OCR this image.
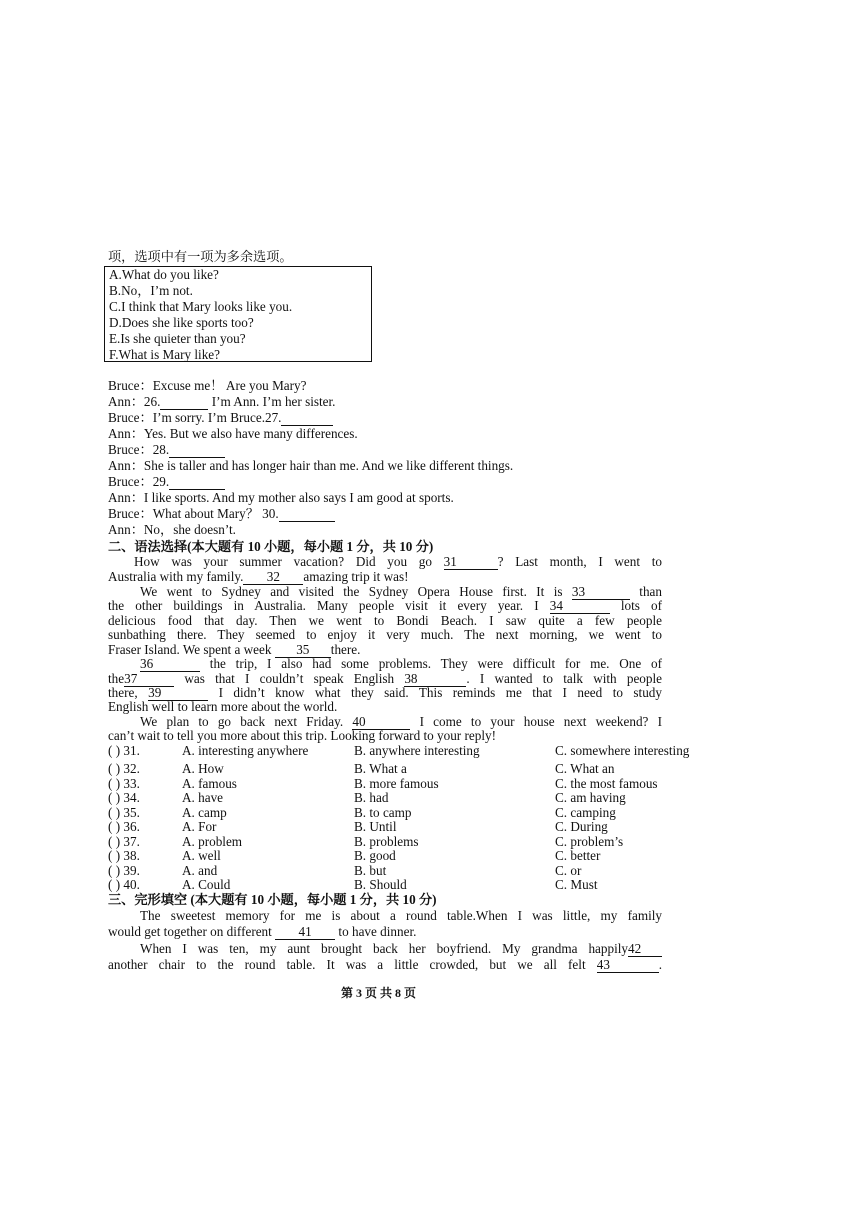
项，选项中有一项为多余选项。
A.What do you like?
B.No，I’m not.
C.I think that Mary looks like you.
D.Does she like sports too?
E.Is she quieter than you?
F.What is Mary like?
Bruce：Excuse me！ Are you Mary?
Ann：26.	I’m Ann. I’m her sister.
Bruce：I’m sorry. I’m Bruce.27.
Ann：Yes. But we also have many differences.
Bruce：28.
Ann：She is taller and has longer hair than me. And we like different things.
Bruce：29.
Ann：I like sports. And my mother also says I am good at sports.
Bruce：What about Mary？ 30.
Ann：No，she doesn’t.
二、语法选择(本大题有 10 小题，每小题 1 分，共 10 分)
How was your summer vacation? Did you go 31	? Last month, I went to
Australia with my family. 32 amazing trip it was!
We went to Sydney and visited the Sydney Opera House first. It is 33	than
the other buildings in Australia. Many people visit it every year. I 34	lots of
delicious food that day. Then we went to Bondi Beach. I saw quite a few people
sunbathing there. They seemed to enjoy it very much. The next morning, we went to
Fraser Island. We spent a week 35 there.
36	the trip, I also had some problems. They were difficult for me. One of
the37	was that I couldn’t speak English 38	. I wanted to talk with people
there, 39	I didn’t know what they said. This reminds me that I need to study
English well to learn more about the world.
We plan to go back next Friday. 40	I come to your house next weekend? I
can’t wait to tell you more about this trip. Looking forward to your reply!
( ) 31.	A. interesting anywhere	B. anywhere interesting	C. somewhere interesting
( ) 32.	A. How	B. What a	C. What an
( ) 33.	A. famous	B. more famous	C. the most famous
( ) 34.	A. have	B. had	C. am having
( ) 35.	A. camp	B. to camp	C. camping
( ) 36.	A. For	B. Until	C. During
( ) 37.	A. problem	B. problems	C. problem’s
( ) 38.	A. well	B. good	C. better
( ) 39.	A. and	B. but	C. or
( ) 40.	A. Could	B. Should	C. Must
三、完形填空 (本大题有 10 小题，每小题 1 分，共 10 分)
The sweetest memory for me is about a round table.When I was little, my family
would get together on different 41 to have dinner.
When I was ten, my aunt brought back her boyfriend. My grandma happily42
another chair to the round table. It was a little crowded, but we all felt 43	.
第 3 页 共 8 页
